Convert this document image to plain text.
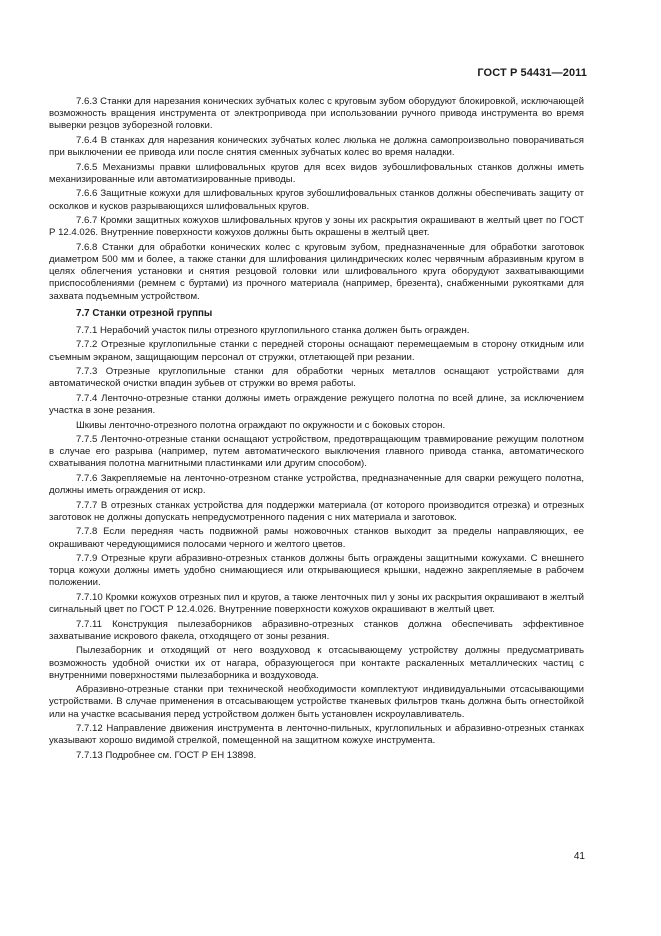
ГОСТ Р 54431—2011

7.6.3 Станки для нарезания конических зубчатых колес с круговым зубом оборудуют блокировкой, исключающей возможность вращения инструмента от электропривода при использовании ручного привода инструмента во время выверки резцов зуборезной головки.

7.6.4 В станках для нарезания конических зубчатых колес люлька не должна самопроизвольно поворачиваться при выключении ее привода или после снятия сменных зубчатых колес во время наладки.

7.6.5 Механизмы правки шлифовальных кругов для всех видов зубошлифовальных станков должны иметь механизированные или автоматизированные приводы.

7.6.6 Защитные кожухи для шлифовальных кругов зубошлифовальных станков должны обеспечивать защиту от осколков и кусков разрывающихся шлифовальных кругов.

7.6.7 Кромки защитных кожухов шлифовальных кругов у зоны их раскрытия окрашивают в желтый цвет по ГОСТ Р 12.4.026. Внутренние поверхности кожухов должны быть окрашены в желтый цвет.

7.6.8 Станки для обработки конических колес с круговым зубом, предназначенные для обработки заготовок диаметром 500 мм и более, а также станки для шлифования цилиндрических колес червячным абразивным кругом в целях облегчения установки и снятия резцовой головки или шлифовального круга оборудуют захватывающими приспособлениями (ремнем с буртами) из прочного материала (например, брезента), снабженными рукоятками для захвата подъемным устройством.

7.7 Станки отрезной группы

7.7.1 Нерабочий участок пилы отрезного круглопильного станка должен быть огражден.

7.7.2 Отрезные круглопильные станки с передней стороны оснащают перемещаемым в сторону откидным или съемным экраном, защищающим персонал от стружки, отлетающей при резании.

7.7.3 Отрезные круглопильные станки для обработки черных металлов оснащают устройствами для автоматической очистки впадин зубьев от стружки во время работы.

7.7.4 Ленточно-отрезные станки должны иметь ограждение режущего полотна по всей длине, за исключением участка в зоне резания.

Шкивы ленточно-отрезного полотна ограждают по окружности и с боковых сторон.

7.7.5 Ленточно-отрезные станки оснащают устройством, предотвращающим травмирование режущим полотном в случае его разрыва (например, путем автоматического выключения главного привода станка, автоматического схватывания полотна магнитными пластинками или другим способом).

7.7.6 Закрепляемые на ленточно-отрезном станке устройства, предназначенные для сварки режущего полотна, должны иметь ограждения от искр.

7.7.7 В отрезных станках устройства для поддержки материала (от которого производится отрезка) и отрезных заготовок не должны допускать непредусмотренного падения с них материала и заготовок.

7.7.8 Если передняя часть подвижной рамы ножовочных станков выходит за пределы направляющих, ее окрашивают чередующимися полосами черного и желтого цветов.

7.7.9 Отрезные круги абразивно-отрезных станков должны быть ограждены защитными кожухами. С внешнего торца кожухи должны иметь удобно снимающиеся или открывающиеся крышки, надежно закрепляемые в рабочем положении.

7.7.10 Кромки кожухов отрезных пил и кругов, а также ленточных пил у зоны их раскрытия окрашивают в желтый сигнальный цвет по ГОСТ Р 12.4.026. Внутренние поверхности кожухов окрашивают в желтый цвет.

7.7.11 Конструкция пылезаборников абразивно-отрезных станков должна обеспечивать эффективное захватывание искрового факела, отходящего от зоны резания.

Пылезаборник и отходящий от него воздуховод к отсасывающему устройству должны предусматривать возможность удобной очистки их от нагара, образующегося при контакте раскаленных металлических частиц с внутренними поверхностями пылезаборника и воздуховода.

Абразивно-отрезные станки при технической необходимости комплектуют индивидуальными отсасывающими устройствами. В случае применения в отсасывающем устройстве тканевых фильтров ткань должна быть огнестойкой или на участке всасывания перед устройством должен быть установлен искроулавливатель.

7.7.12 Направление движения инструмента в ленточно-пильных, круглопильных и абразивно-отрезных станках указывают хорошо видимой стрелкой, помещенной на защитном кожухе инструмента.

7.7.13 Подробнее см. ГОСТ Р ЕН 13898.

41
